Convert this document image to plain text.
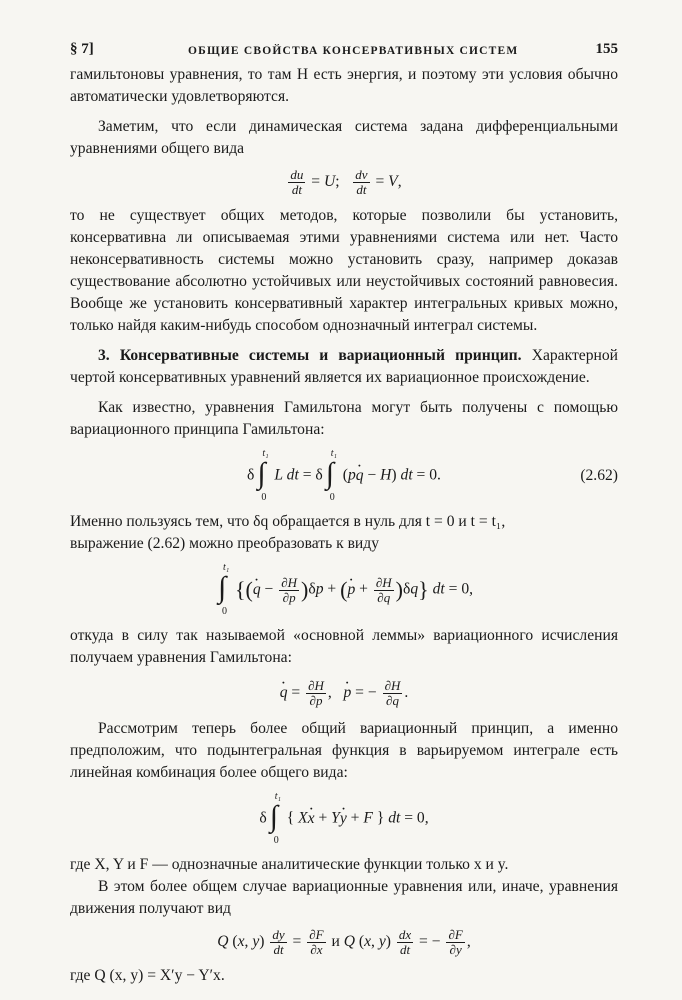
§ 7]	ОБЩИЕ СВОЙСТВА КОНСЕРВАТИВНЫХ СИСТЕМ	155

гамильтоновы уравнения, то там H есть энергия, и поэтому эти условия обычно автоматически удовлетворяются.

Заметим, что если динамическая система задана дифференциальными уравнениями общего вида

$\frac{du}{dt} = U$; $\frac{dv}{dt} = V$,

то не существует общих методов, которые позволили бы установить, консервативна ли описываемая этими уравнениями система или нет. Часто неконсервативность системы можно установить сразу, например доказав существование абсолютно устойчивых или неустойчивых состояний равновесия. Вообще же установить консервативный характер интегральных кривых можно, только найдя каким-нибудь способом однозначный интеграл системы.

3. Консервативные системы и вариационный принцип. Характерной чертой консервативных уравнений является их вариационное происхождение.

Как известно, уравнения Гамильтона могут быть получены с помощью вариационного принципа Гамильтона:

δ
t₁
∫
0
L dt = δ
t₁
∫
0
(pq · − H) dt = 0.	(2.62)

Именно пользуясь тем, что δq обращается в нуль для t = 0 и t = t₁,

выражение (2.62) можно преобразовать к виду

t₁
∫
0
{(q · − $\frac{\partial H}{\partial p} )\delta p + (p$ · + $\frac{\partial H}{\partial q} )\delta q$} dt = 0,

откуда в силу так называемой «основной леммы» вариационного исчисления получаем уравнения Гамильтона:

q · = $\frac{\partial H}{\partial p}$ ,   p · = − $\frac{\partial H}{\partial q}$ .

Рассмотрим теперь более общий вариационный принцип, а именно предположим, что подынтегральная функция в варьируемом интеграле есть линейная комбинация более общего вида:

δ
t₁
∫
0
{ Xx · + Yy · + F } dt = 0,

где X, Y и F — однозначные аналитические функции только x и y.

В этом более общем случае вариационные уравнения или, иначе, уравнения движения получают вид

Q (x, $y) \frac{dy}{dt} = \frac{\partial F}{\partial x}$ и Q (x, $y) \frac{dx}{dt}$ = − $\frac{\partial F}{\partial y}$ ,

где Q (x, y) = X′y − Y′x.
